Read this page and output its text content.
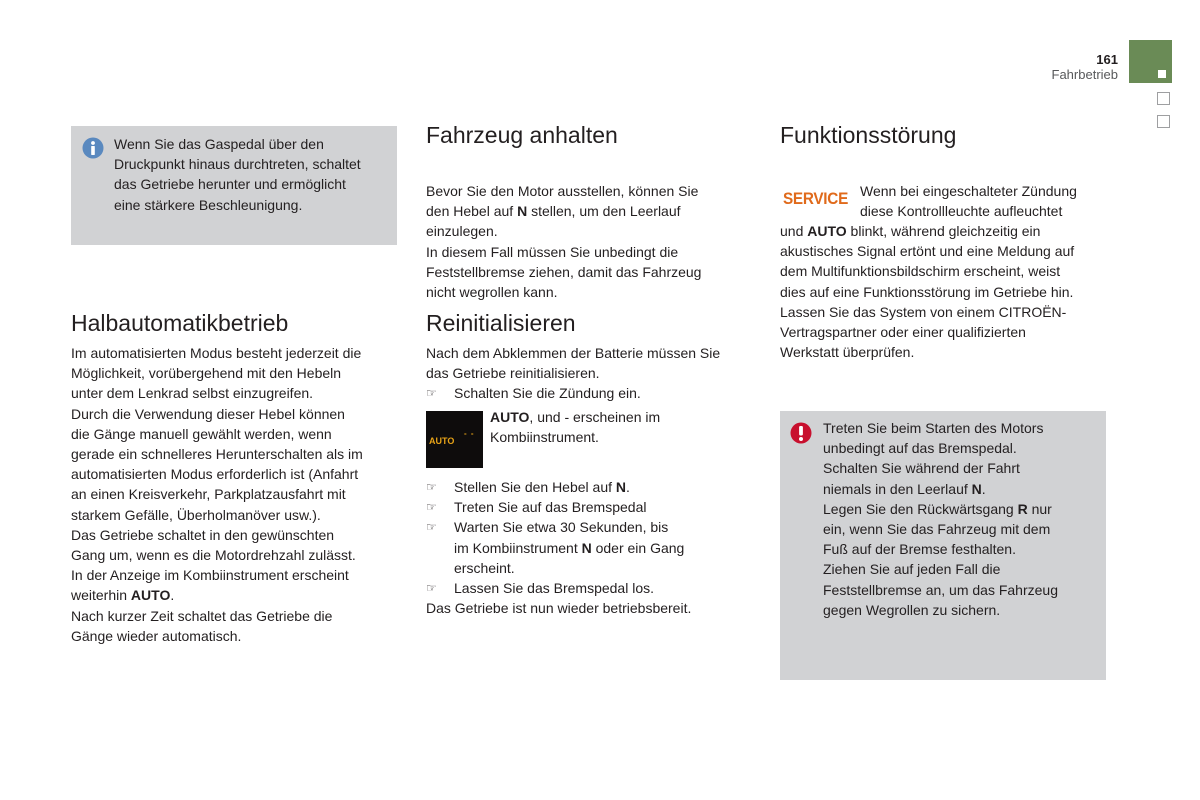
161
Fahrbetrieb
Wenn Sie das Gaspedal über den
Druckpunkt hinaus durchtreten, schaltet
das Getriebe herunter und ermöglicht
eine stärkere Beschleunigung.
Halbautomatikbetrieb
Im automatisierten Modus besteht jederzeit die
Möglichkeit, vorübergehend mit den Hebeln
unter dem Lenkrad selbst einzugreifen.
Durch die Verwendung dieser Hebel können
die Gänge manuell gewählt werden, wenn
gerade ein schnelleres Herunterschalten als im
automatisierten Modus erforderlich ist (Anfahrt
an einen Kreisverkehr, Parkplatzausfahrt mit
starkem Gefälle, Überholmanöver usw.).
Das Getriebe schaltet in den gewünschten
Gang um, wenn es die Motordrehzahl zulässt.
In der Anzeige im Kombiinstrument erscheint
weiterhin AUTO.
Nach kurzer Zeit schaltet das Getriebe die
Gänge wieder automatisch.
Fahrzeug anhalten
Bevor Sie den Motor ausstellen, können Sie
den Hebel auf N stellen, um den Leerlauf
einzulegen.
In diesem Fall müssen Sie unbedingt die
Feststellbremse ziehen, damit das Fahrzeug
nicht wegrollen kann.
Reinitialisieren
Nach dem Abklemmen der Batterie müssen Sie
das Getriebe reinitialisieren.
☞ Schalten Sie die Zündung ein.
AUTO
- -
AUTO, und - erscheinen im
Kombiinstrument.
☞ Stellen Sie den Hebel auf N.
☞ Treten Sie auf das Bremspedal
☞ Warten Sie etwa 30 Sekunden, bis
im Kombiinstrument N oder ein Gang
erscheint.
☞ Lassen Sie das Bremspedal los.
Das Getriebe ist nun wieder betriebsbereit.
Funktionsstörung
SERVICE Wenn bei eingeschalteter Zündung
diese Kontrollleuchte aufleuchtet
und AUTO blinkt, während gleichzeitig ein
akustisches Signal ertönt und eine Meldung auf
dem Multifunktionsbildschirm erscheint, weist
dies auf eine Funktionsstörung im Getriebe hin.
Lassen Sie das System von einem CITROËN-
Vertragspartner oder einer qualifizierten
Werkstatt überprüfen.
Treten Sie beim Starten des Motors
unbedingt auf das Bremspedal.
Schalten Sie während der Fahrt
niemals in den Leerlauf N.
Legen Sie den Rückwärtsgang R nur
ein, wenn Sie das Fahrzeug mit dem
Fuß auf der Bremse festhalten.
Ziehen Sie auf jeden Fall die
Feststellbremse an, um das Fahrzeug
gegen Wegrollen zu sichern.
